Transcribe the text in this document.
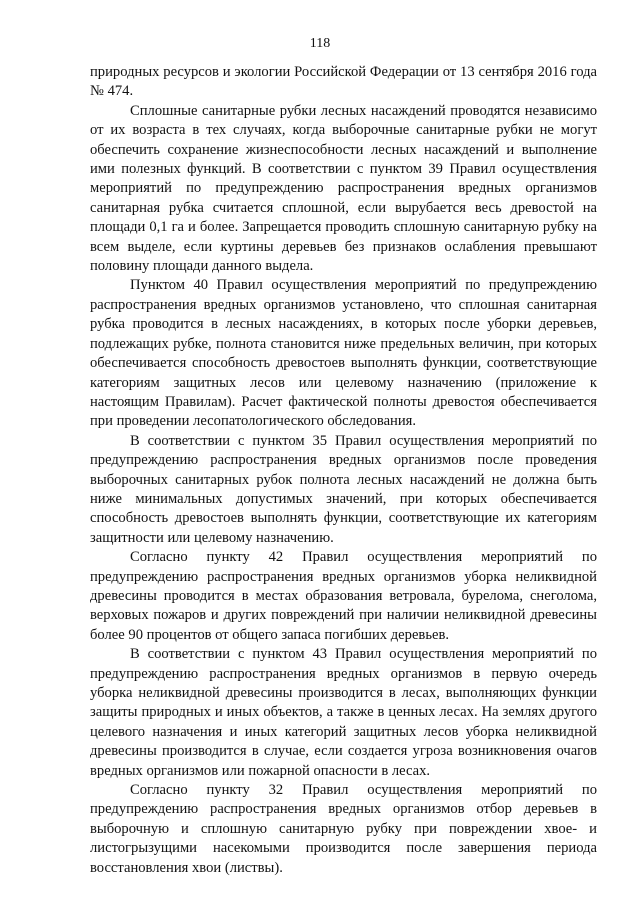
118

природных ресурсов и экологии Российской Федерации от 13 сентября 2016 года № 474.

Сплошные санитарные рубки лесных насаждений проводятся независимо от их возраста в тех случаях, когда выборочные санитарные рубки не могут обеспечить сохранение жизнеспособности лесных насаждений и выполнение ими полезных функций. В соответствии с пунктом 39 Правил осуществления мероприятий по предупреждению распространения вредных организмов санитарная рубка считается сплошной, если вырубается весь древостой на площади 0,1 га и более. Запрещается проводить сплошную санитарную рубку на всем выделе, если куртины деревьев без признаков ослабления превышают половину площади данного выдела.

Пунктом 40 Правил осуществления мероприятий по предупреждению распространения вредных организмов установлено, что сплошная санитарная рубка проводится в лесных насаждениях, в которых после уборки деревьев, подлежащих рубке, полнота становится ниже предельных величин, при которых обеспечивается способность древостоев выполнять функции, соответствующие категориям защитных лесов или целевому назначению (приложение к настоящим Правилам). Расчет фактической полноты древостоя обеспечивается при проведении лесопатологического обследования.

В соответствии с пунктом 35 Правил осуществления мероприятий по предупреждению распространения вредных организмов после проведения выборочных санитарных рубок полнота лесных насаждений не должна быть ниже минимальных допустимых значений, при которых обеспечивается способность древостоев выполнять функции, соответствующие их категориям защитности или целевому назначению.

Согласно пункту 42 Правил осуществления мероприятий по предупреждению распространения вредных организмов уборка неликвидной древесины проводится в местах образования ветровала, бурелома, снеголома, верховых пожаров и других повреждений при наличии неликвидной древесины более 90 процентов от общего запаса погибших деревьев.

В соответствии с пунктом 43 Правил осуществления мероприятий по предупреждению распространения вредных организмов в первую очередь уборка неликвидной древесины производится в лесах, выполняющих функции защиты природных и иных объектов, а также в ценных лесах. На землях другого целевого назначения и иных категорий защитных лесов уборка неликвидной древесины производится в случае, если создается угроза возникновения очагов вредных организмов или пожарной опасности в лесах.

Согласно пункту 32 Правил осуществления мероприятий по предупреждению распространения вредных организмов отбор деревьев в выборочную и сплошную санитарную рубку при повреждении хвое- и листогрызущими насекомыми производится после завершения периода восстановления хвои (листвы).
